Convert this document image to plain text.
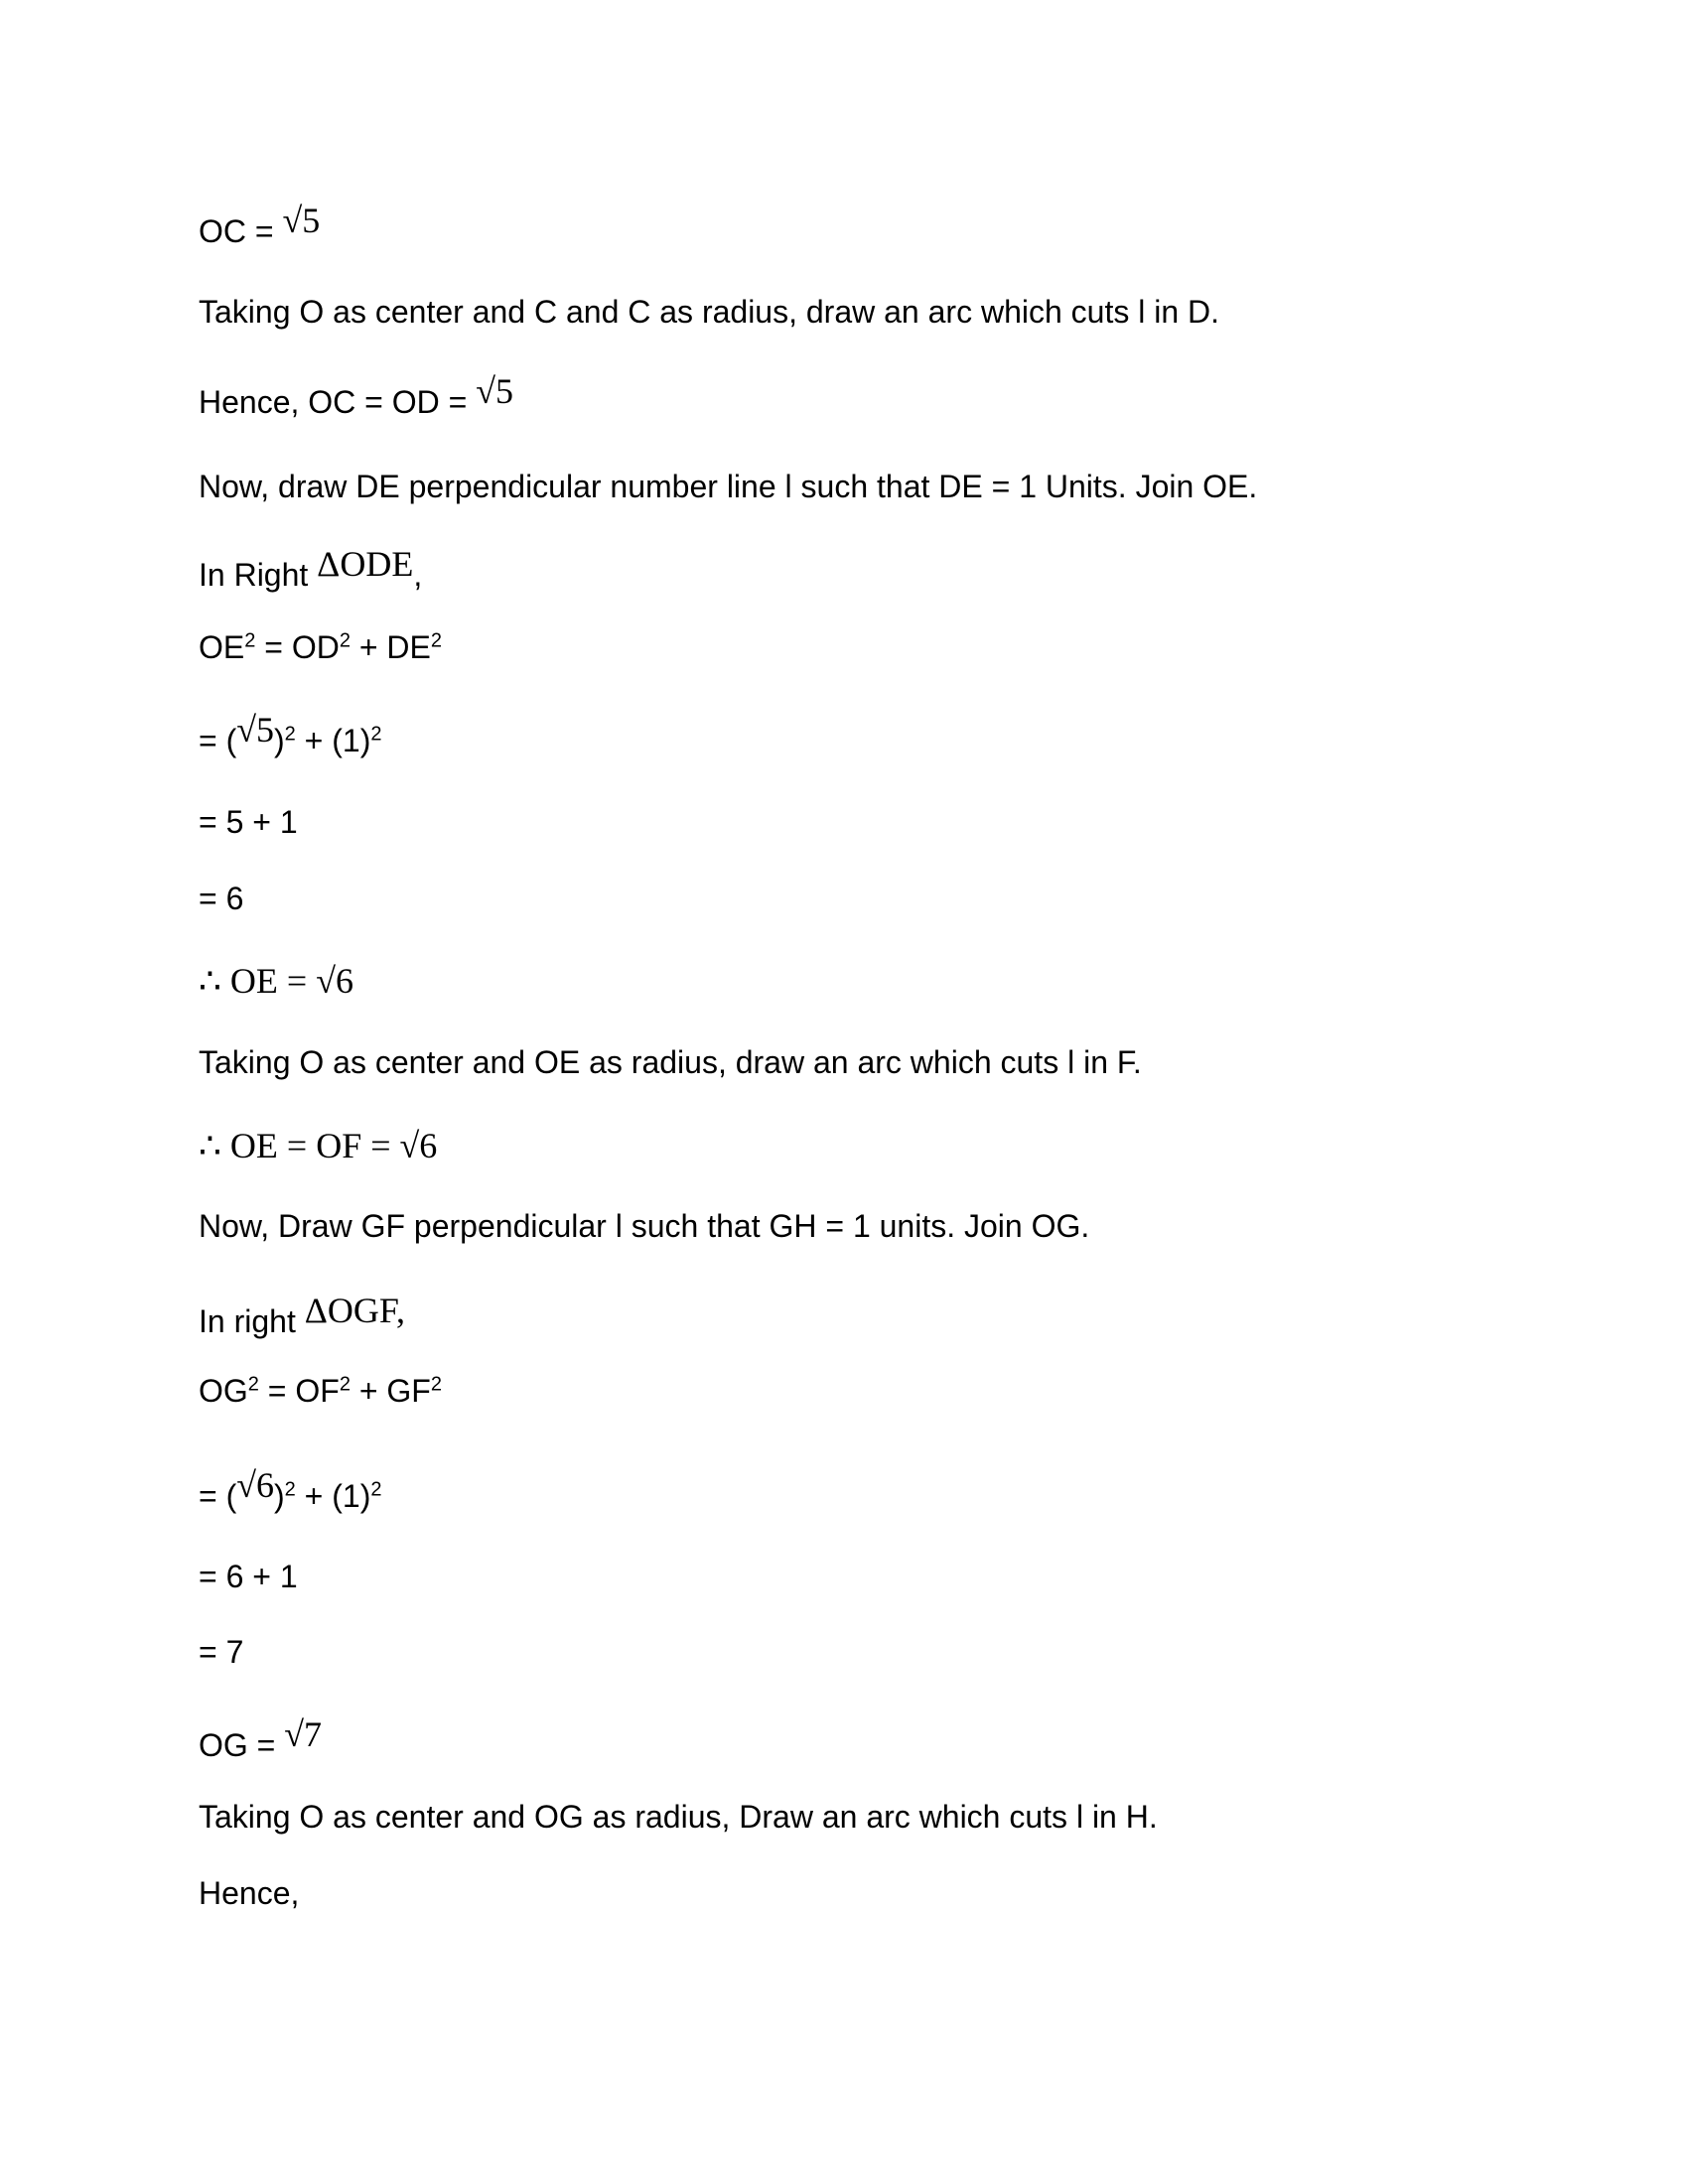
OC = √5
Taking O as center and C and C as radius, draw an arc which cuts l in D.
Hence, OC = OD = √5
Now, draw DE perpendicular number line l such that DE = 1 Units. Join OE.
In Right ΔODE,
$OE^2 = OD^2 + DE^2$
= $(√5)^2 + (1)^2$
= 5 + 1
= 6
∴ OE = √6
Taking O as center and OE as radius, draw an arc which cuts l in F.
∴ OE = OF = √6
Now, Draw GF perpendicular l such that GH = 1 units. Join OG.
In right ΔOGF,
$OG^2 = OF^2 + GF^2$
= $(√6)^2 + (1)^2$
= 6 + 1
= 7
OG = √7
Taking O as center and OG as radius, Draw an arc which cuts l in H.
Hence,
